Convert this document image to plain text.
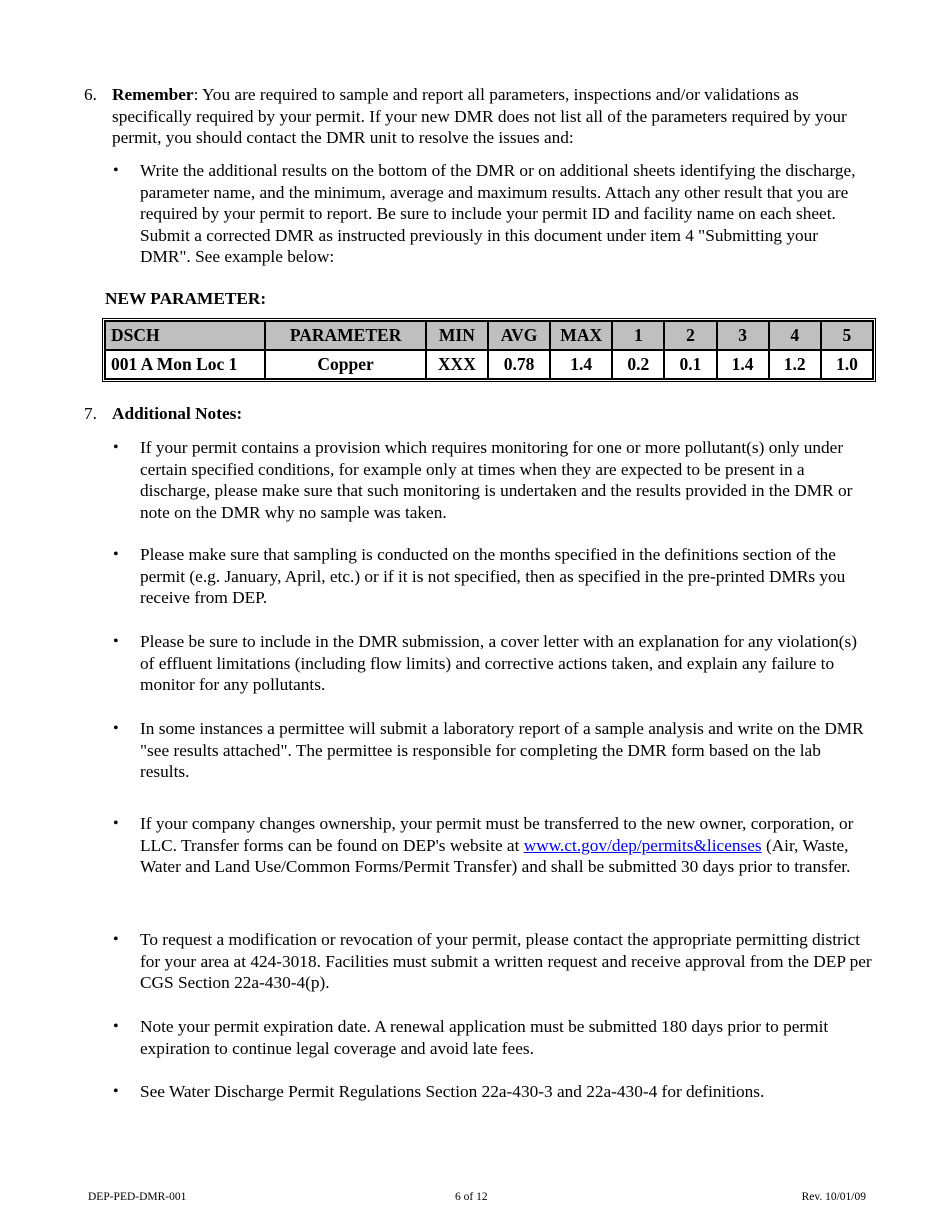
6. Remember: You are required to sample and report all parameters, inspections and/or validations as specifically required by your permit. If your new DMR does not list all of the parameters required by your permit, you should contact the DMR unit to resolve the issues and:
• Write the additional results on the bottom of the DMR or on additional sheets identifying the discharge, parameter name, and the minimum, average and maximum results. Attach any other result that you are required by your permit to report. Be sure to include your permit ID and facility name on each sheet. Submit a corrected DMR as instructed previously in this document under item 4 "Submitting your DMR". See example below:
NEW PARAMETER:
DSCH	PARAMETER	MIN	AVG	MAX	1	2	3	4	5
001 A Mon Loc 1	Copper	XXX	0.78	1.4	0.2	0.1	1.4	1.2	1.0
7. Additional Notes:
• If your permit contains a provision which requires monitoring for one or more pollutant(s) only under certain specified conditions, for example only at times when they are expected to be present in a discharge, please make sure that such monitoring is undertaken and the results provided in the DMR or note on the DMR why no sample was taken.
• Please make sure that sampling is conducted on the months specified in the definitions section of the permit (e.g. January, April, etc.) or if it is not specified, then as specified in the pre-printed DMRs you receive from DEP.
• Please be sure to include in the DMR submission, a cover letter with an explanation for any violation(s) of effluent limitations (including flow limits) and corrective actions taken, and explain any failure to monitor for any pollutants.
• In some instances a permittee will submit a laboratory report of a sample analysis and write on the DMR "see results attached". The permittee is responsible for completing the DMR form based on the lab results.
• If your company changes ownership, your permit must be transferred to the new owner, corporation, or LLC. Transfer forms can be found on DEP's website at www.ct.gov/dep/permits&licenses (Air, Waste, Water and Land Use/Common Forms/Permit Transfer) and shall be submitted 30 days prior to transfer.
• To request a modification or revocation of your permit, please contact the appropriate permitting district for your area at 424-3018. Facilities must submit a written request and receive approval from the DEP per CGS Section 22a-430-4(p).
• Note your permit expiration date. A renewal application must be submitted 180 days prior to permit expiration to continue legal coverage and avoid late fees.
• See Water Discharge Permit Regulations Section 22a-430-3 and 22a-430-4 for definitions.
DEP-PED-DMR-001	6 of 12	Rev. 10/01/09
